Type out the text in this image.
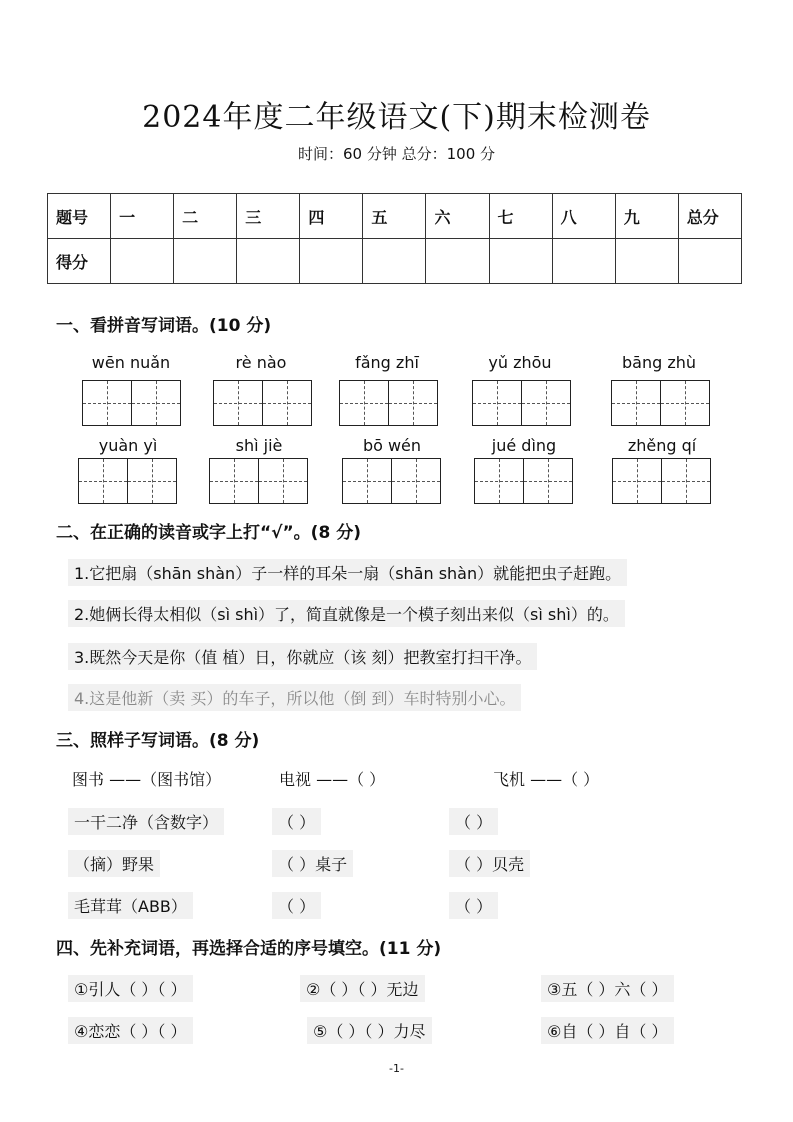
2024年度二年级语文(下)期末检测卷
时间：60 分钟 总分：100 分
题号	一	二	三	四	五	六	七	八	九	总分
得分										
一、看拼音写词语。(10 分)
wēn nuǎn	rè nào	fǎng zhī	yǔ zhōu	bāng zhù
yuàn yì	shì jiè	bō wén	jué dìng	zhěng qí
二、在正确的读音或字上打“√”。(8 分)
1.它把扇（shān shàn）子一样的耳朵一扇（shān shàn）就能把虫子赶跑。
2.她俩长得太相似（sì shì）了，简直就像是一个模子刻出来似（sì shì）的。
3.既然今天是你（值 植）日，你就应（该 刻）把教室打扫干净。
4.这是他新（卖 买）的车子，所以他（倒 到）车时特别小心。
三、照样子写词语。(8 分)
图书 ——（图书馆）	电视 ——（ ）	飞机 ——（ ）
一干二净（含数字）	（ ）	（ ）
（摘）野果	（ ）桌子	（ ）贝壳
毛茸茸（ABB）	（ ）	（ ）
四、先补充词语，再选择合适的序号填空。(11 分)
①引人（ ）（ ）	②（ ）（ ）无边	③五（ ）六（ ）
④恋恋（ ）（ ）	⑤（ ）（ ）力尽	⑥自（ ）自（ ）
-1-
